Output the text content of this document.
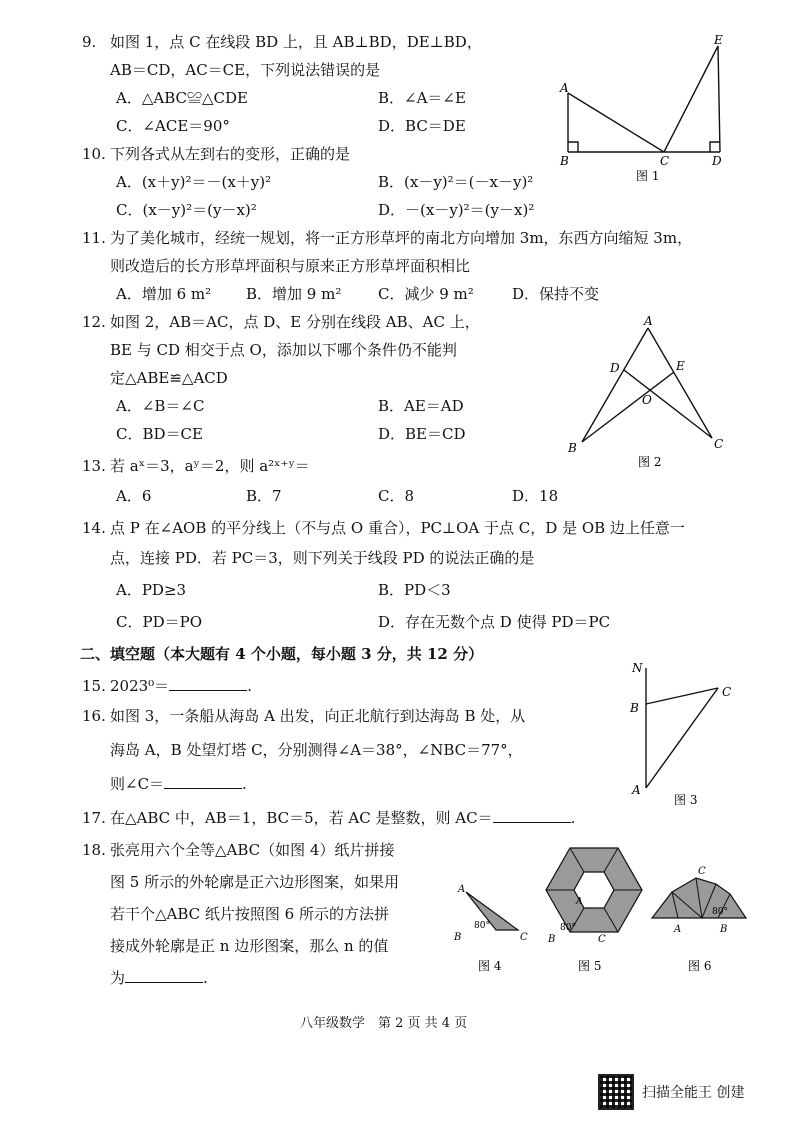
9. 如图 1，点 C 在线段 BD 上，且 AB⊥BD，DE⊥BD，
AB＝CD，AC＝CE，下列说法错误的是
A．△ABC≌△CDE	B．∠A＝∠E
C．∠ACE＝90°	D．BC＝DE
A
B	C	D
E
图 1
10. 下列各式从左到右的变形，正确的是
A．(x＋y)²＝－(x＋y)²	B．(x－y)²＝(－x－y)²
C．(x－y)²＝(y－x)²	D．－(x－y)²＝(y－x)²
11. 为了美化城市，经统一规划，将一正方形草坪的南北方向增加 3m，东西方向缩短 3m，
则改造后的长方形草坪面积与原来正方形草坪面积相比
A．增加 6 m² B．增加 9 m² C．减少 9 m²	D．保持不变
12. 如图 2，AB＝AC，点 D、E 分别在线段 AB、AC 上，
BE 与 CD 相交于点 O，添加以下哪个条件仍不能判
定△ABE≌△ACD
A．∠B＝∠C	B．AE＝AD
C．BD＝CE	D．BE＝CD
A
D	E
O
B	C
图 2
13. 若 aˣ＝3，aʸ＝2，则 a²ˣ⁺ʸ＝
A．6	B．7	C．8	D．18
14. 点 P 在∠AOB 的平分线上（不与点 O 重合），PC⊥OA 于点 C，D 是 OB 边上任意一
点，连接 PD．若 PC＝3，则下列关于线段 PD 的说法正确的是
A．PD≥3	B．PD＜3
C．PD＝PO	D．存在无数个点 D 使得 PD＝PC
二、填空题（本大题有 4 个小题，每小题 3 分，共 12 分）
15. 2023⁰＝	.
16. 如图 3，一条船从海岛 A 出发，向正北航行到达海岛 B 处，从
海岛 A，B 处望灯塔 C，分别测得∠A＝38°，∠NBC＝77°，
则∠C＝	.
N
B
C
A
图 3
17. 在△ABC 中，AB＝1，BC＝5，若 AC 是整数，则 AC＝	.
18. 张亮用六个全等△ABC（如图 4）纸片拼接
图 5 所示的外轮廓是正六边形图案，如果用
若干个△ABC 纸片按照图 6 所示的方法拼
接成外轮廓是正 n 边形图案，那么 n 的值
为	.
A
B	C
80°
图 4
A
B	C
80°
图 5
A	B
C
80°
图 6
八年级数学　第 2 页 共 4 页
扫描全能王 创建
